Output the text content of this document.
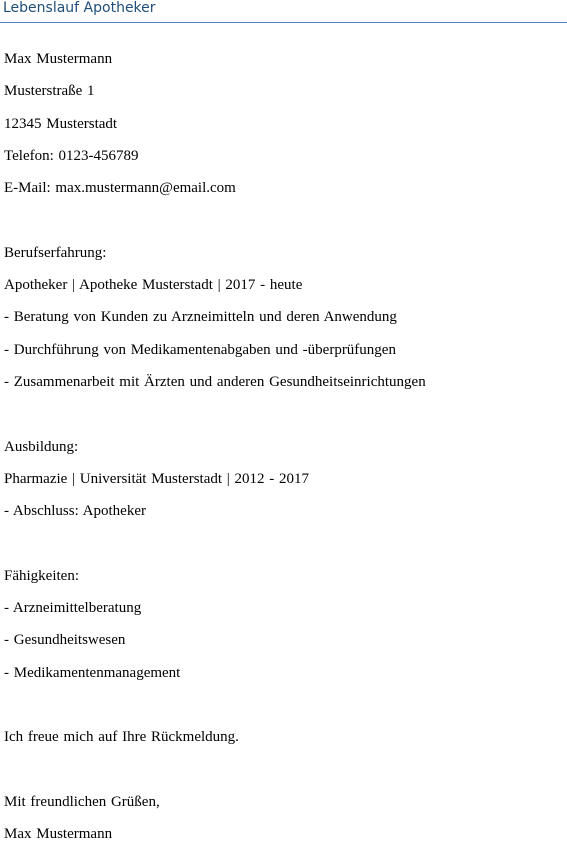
Lebenslauf Apotheker
Max Mustermann
Musterstraße 1
12345 Musterstadt
Telefon: 0123-456789
E-Mail: max.mustermann@email.com
Berufserfahrung:
Apotheker | Apotheke Musterstadt | 2017 - heute
- Beratung von Kunden zu Arzneimitteln und deren Anwendung
- Durchführung von Medikamentenabgaben und -überprüfungen
- Zusammenarbeit mit Ärzten und anderen Gesundheitseinrichtungen
Ausbildung:
Pharmazie | Universität Musterstadt | 2012 - 2017
- Abschluss: Apotheker
Fähigkeiten:
- Arzneimittelberatung
- Gesundheitswesen
- Medikamentenmanagement
Ich freue mich auf Ihre Rückmeldung.
Mit freundlichen Grüßen,
Max Mustermann
